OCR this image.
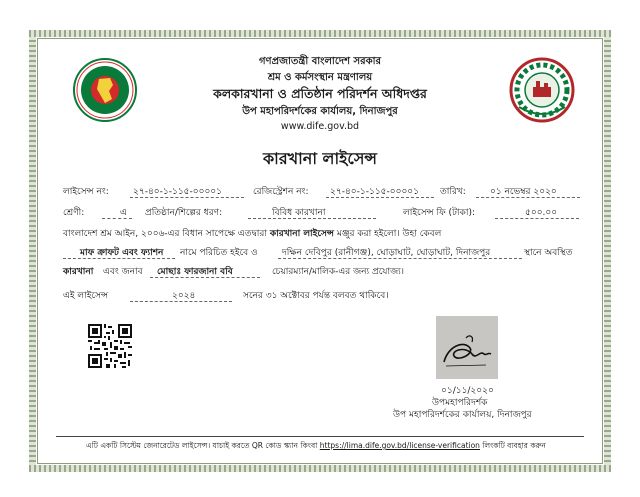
গণপ্রজাতন্ত্রী বাংলাদেশ সরকার
শ্রম ও কর্মসংস্থান মন্ত্রণালয়
কলকারখানা ও প্রতিষ্ঠান পরিদর্শন অধিদপ্তর
উপ মহাপরিদর্শকের কার্যালয়, দিনাজপুর
www.dife.gov.bd
কারখানা লাইসেন্স
লাইসেন্স নং:	২৭-৪০-১-১১৫-০০০০১	রেজিস্ট্রেশন নং: ২৭-৪০-১-১১৫-০০০০১ তারিখ:	০১ নভেম্বর ২০২০
শ্রেণী:	এ প্রতিষ্ঠান/শিল্পের ধরণ:	বিবিধ কারখানা	লাইসেন্স ফি (টাকা):	৫০০.০০
বাংলাদেশ শ্রম আইন, ২০০৬-এর বিধান সাপেক্ষে এতদ্বারা কারখানা লাইসেন্স মঞ্জুর করা হইলো। উহা কেবল
মাফ ক্রাফট এবং ফ্যাশন নামে পরিচিত হইবে ও	দক্ষিন দেবিপুর (রানীগঞ্জ), ঘোড়াঘাট, ঘোড়াঘাট, দিনাজপুর	স্থানে অবস্থিত
কারখানা এবং জনাব মোছাঃ ফারজানা ববি	চেয়ারম্যান/মালিক-এর জন্য প্রযোজ্য।
এই লাইসেন্স	২০২৪	সনের ৩১ অক্টোবর পর্যন্ত বলবত থাকিবে।
০১/১১/২০২০
উপমহাপরিদর্শক
উপ মহাপরিদর্শকের কার্যালয়, দিনাজপুর
এটি একটি সিস্টেম জেনারেটেড লাইসেন্স। যাচাই করতে QR কোড স্ক্যান কিংবা https://lima.dife.gov.bd/license-verification লিংকটি ব্যবহার করুন
